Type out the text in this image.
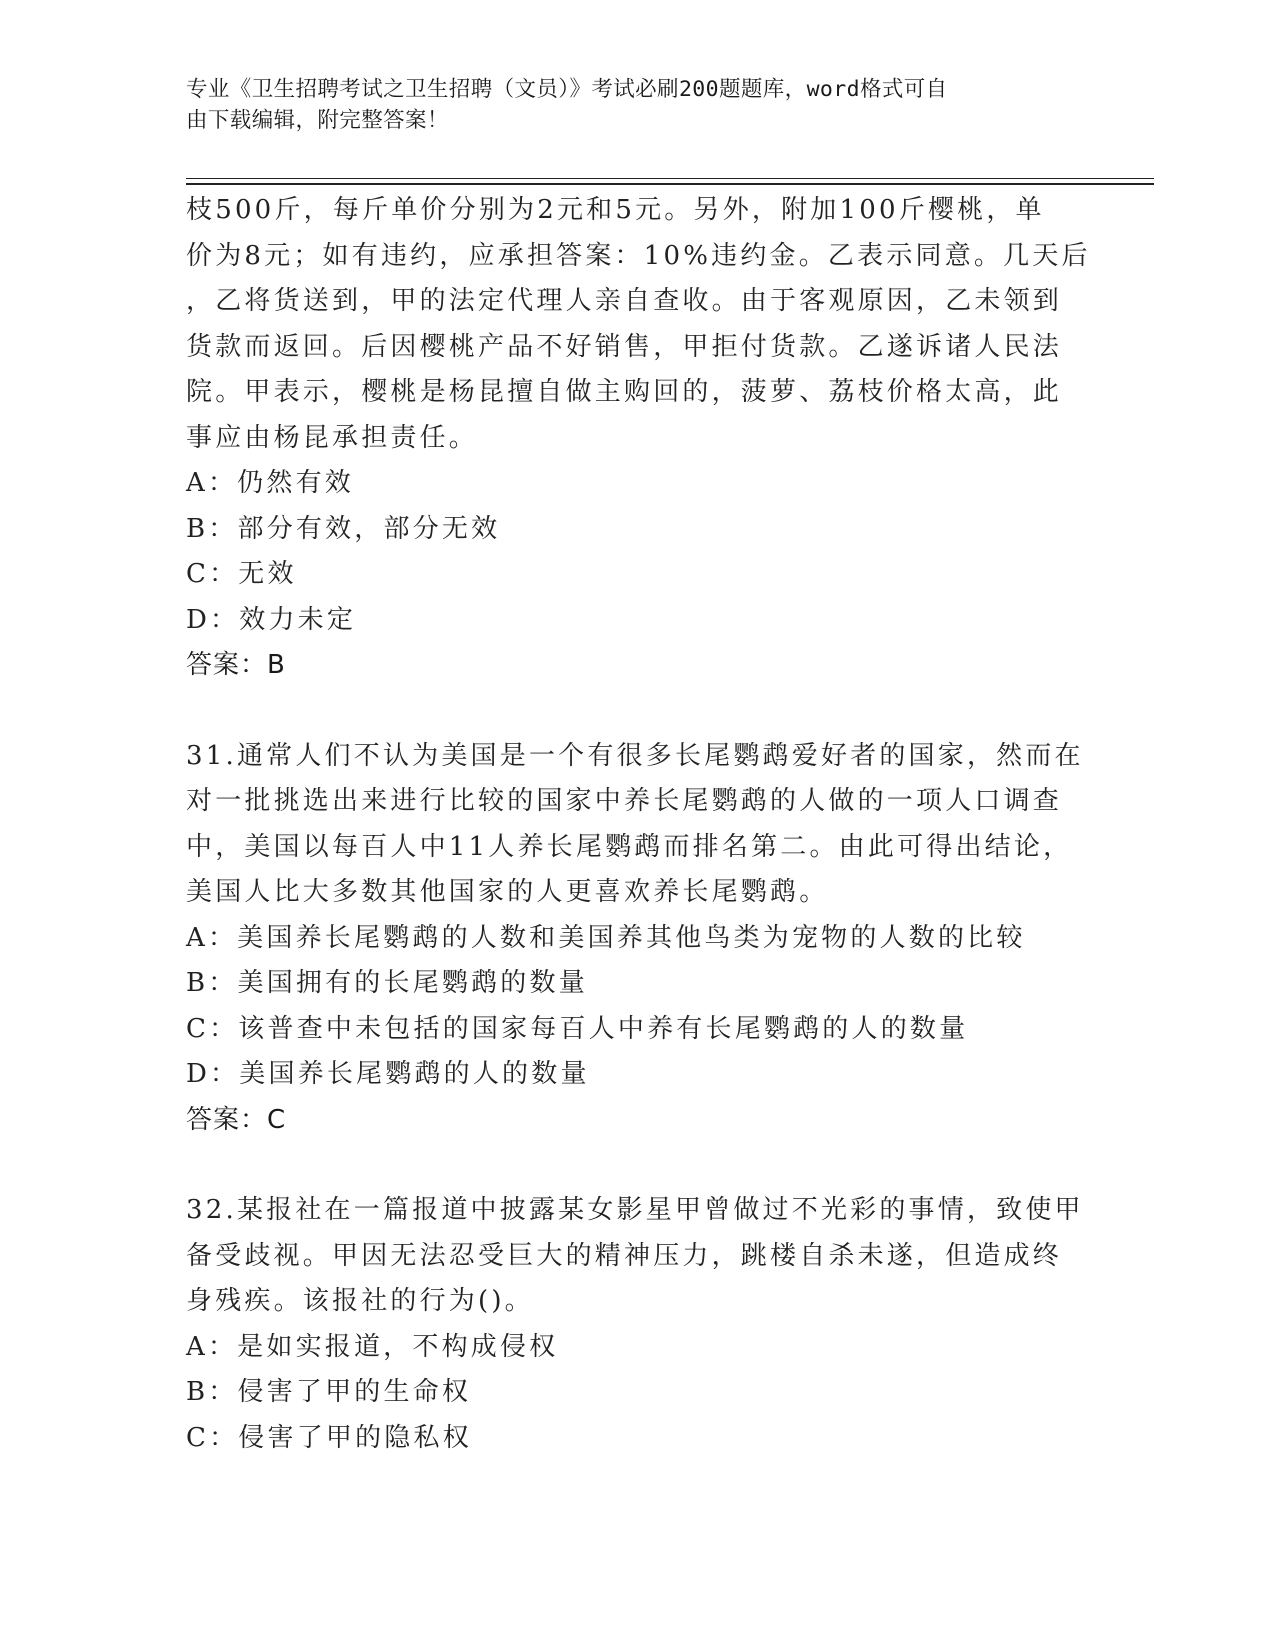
专业《卫生招聘考试之卫生招聘（文员）》考试必刷200题题库，word格式可自
由下载编辑，附完整答案！

枝500斤，每斤单价分别为2元和5元。另外，附加100斤樱桃，单

价为8元；如有违约，应承担答案：10%违约金。乙表示同意。几天后

，乙将货送到，甲的法定代理人亲自查收。由于客观原因，乙未领到

货款而返回。后因樱桃产品不好销售，甲拒付货款。乙遂诉诸人民法

院。甲表示，樱桃是杨昆擅自做主购回的，菠萝、荔枝价格太高，此

事应由杨昆承担责任。

A：仍然有效

B：部分有效，部分无效

C：无效

D：效力未定

答案：B

31.通常人们不认为美国是一个有很多长尾鹦鹉爱好者的国家，然而在

对一批挑选出来进行比较的国家中养长尾鹦鹉的人做的一项人口调查

中，美国以每百人中11人养长尾鹦鹉而排名第二。由此可得出结论，

美国人比大多数其他国家的人更喜欢养长尾鹦鹉。

A：美国养长尾鹦鹉的人数和美国养其他鸟类为宠物的人数的比较

B：美国拥有的长尾鹦鹉的数量

C：该普查中未包括的国家每百人中养有长尾鹦鹉的人的数量

D：美国养长尾鹦鹉的人的数量

答案：C

32.某报社在一篇报道中披露某女影星甲曾做过不光彩的事情，致使甲

备受歧视。甲因无法忍受巨大的精神压力，跳楼自杀未遂，但造成终

身残疾。该报社的行为()。

A：是如实报道，不构成侵权

B：侵害了甲的生命权

C：侵害了甲的隐私权
